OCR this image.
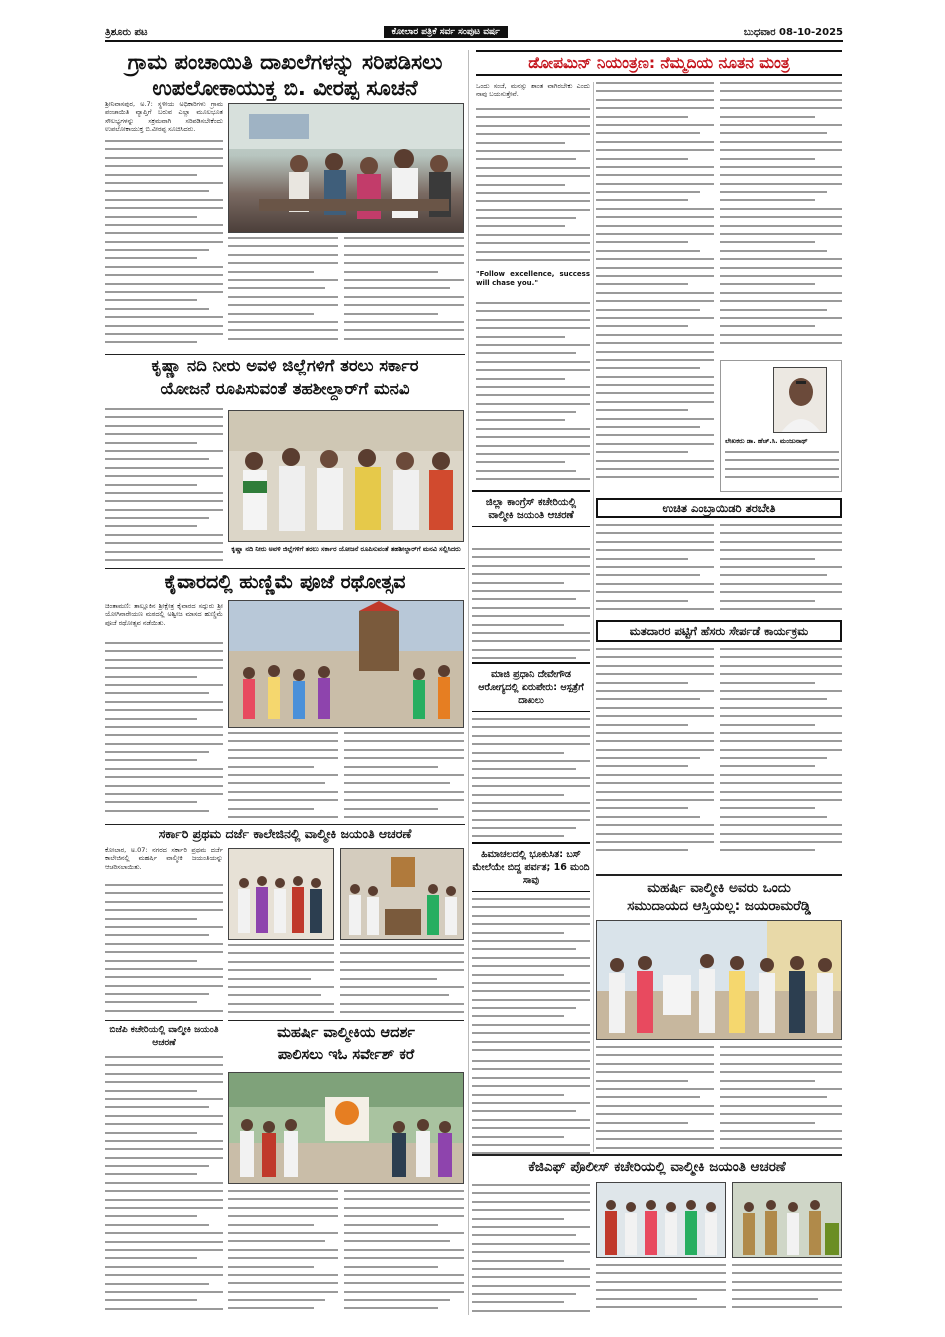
ತ್ರಿಶೂರು ಪಟ	ಕೋಲಾರ ಪತ್ರಿಕೆ ಸರ್ವ ಸಂಪುಟ ವರ್ಷ	ಬುಧವಾರ 08-10-2025
ಗ್ರಾಮ ಪಂಚಾಯಿತಿ ದಾಖಲೆಗಳನ್ನು ಸರಿಪಡಿಸಲು
ಉಪಲೋಕಾಯುಕ್ತ ಬಿ. ವೀರಪ್ಪ ಸೂಚನೆ
ಶ್ರೀನಿವಾಸಪುರ, ಅ.7: ಸ್ಥಳೀಯ ಅಧಿಕಾರಿಗಳು ಗ್ರಾಮ ಪಂಚಾಯಿತಿ ವ್ಯಾಪ್ತಿಗೆ ಬರುವ ಎಲ್ಲಾ ಮೂಲಭೂತ ಸೌಲಭ್ಯಗಳನ್ನು ಸಕ್ರಮವಾಗಿ ಸರಿಪಡಿಸಬೇಕೆಂದು ಉಪಲೋಕಾಯುಕ್ತ ಬಿ.ವೀರಪ್ಪ ಸೂಚಿಸಿದರು.
ಡೋಪಮಿನ್ ನಿಯಂತ್ರಣ: ನೆಮ್ಮದಿಯ ನೂತನ ಮಂತ್ರ
ಒಂದು ಸಂಜೆ, ಮನಸ್ಸು ಶಾಂತ ವಾಗಿರಬೇಕು ಎಂದು ನಾವು ಬಯಸುತ್ತೇವೆ.
"Follow excellence, success will chase you."
ಲೇಖಕರು ಡಾ. ಹೆಚ್.ಸಿ. ಮಂಜುನಾಥ್
ಕೃಷ್ಣಾ ನದಿ ನೀರು ಅವಳಿ ಜಿಲ್ಲೆಗಳಿಗೆ ತರಲು ಸರ್ಕಾರ
ಯೋಜನೆ ರೂಪಿಸುವಂತೆ ತಹಶೀಲ್ದಾರ್‌ಗೆ ಮನವಿ
ಕೃಷ್ಣಾ ನದಿ ನೀರು ಅವಳಿ ಜಿಲ್ಲೆಗಳಿಗೆ ತರಲು ಸರ್ಕಾರ ಯೋಜನೆ ರೂಪಿಸುವಂತೆ ತಹಶೀಲ್ದಾರ್‌ಗೆ ಮನವಿ ಸಲ್ಲಿಸಿದರು
ಕೈವಾರದಲ್ಲಿ ಹುಣ್ಣಿಮೆ ಪೂಜೆ ರಥೋತ್ಸವ
ಚಿಂತಾಮಣಿ: ತಾಲ್ಲೂಕಿನ ಶ್ರೀಕ್ಷೇತ್ರ ಕೈವಾರದ ಸದ್ಗುರು ಶ್ರೀ ಯೋಗಿನಾರೇಯಣ ಮಠದಲ್ಲಿ ಅಶ್ವೀಜ ಮಾಸದ ಹುಣ್ಣಿಮೆ ಪೂಜೆ ರಥೋತ್ಸವ ನಡೆಯಿತು.
ಜಿಲ್ಲಾ ಕಾಂಗ್ರೆಸ್ ಕಚೇರಿಯಲ್ಲಿ ವಾಲ್ಮೀಕಿ ಜಯಂತಿ ಆಚರಣೆ
ಉಚಿತ ಎಂಬ್ರಾಯಿಡರಿ ತರಬೇತಿ
ಮಾಜಿ ಪ್ರಧಾನಿ ದೇವೇಗೌಡ ಆರೋಗ್ಯದಲ್ಲಿ ಏರುಪೇರು: ಆಸ್ಪತ್ರೆಗೆ ದಾಖಲು
ಮತದಾರರ ಪಟ್ಟಿಗೆ ಹೆಸರು ಸೇರ್ಪಡೆ ಕಾರ್ಯಕ್ರಮ
ಸರ್ಕಾರಿ ಪ್ರಥಮ ದರ್ಜೆ ಕಾಲೇಜಿನಲ್ಲಿ ವಾಲ್ಮೀಕಿ ಜಯಂತಿ ಆಚರಣೆ
ಕೋಲಾರ, ಅ.07: ನಗರದ ಸರ್ಕಾರಿ ಪ್ರಥಮ ದರ್ಜೆ ಕಾಲೇಜಿನಲ್ಲಿ ಮಹರ್ಷಿ ವಾಲ್ಮೀಕಿ ಜಯಂತಿಯನ್ನು ಆಚರಿಸಲಾಯಿತು.
ಹಿಮಾಚಲದಲ್ಲಿ ಭೂಕುಸಿತ: ಬಸ್ ಮೇಲೆಯೇ ಬಿದ್ದ ಪರ್ವತ; 16 ಮಂದಿ ಸಾವು	ಮಹರ್ಷಿ ವಾಲ್ಮೀಕಿ ಅವರು ಒಂದು
ಸಮುದಾಯದ ಆಸ್ತಿಯಲ್ಲ: ಜಯರಾಮರೆಡ್ಡಿ
ಬಿಜೆಪಿ ಕಚೇರಿಯಲ್ಲಿ ವಾಲ್ಮೀಕಿ ಜಯಂತಿ ಆಚರಣೆ
ಮಹರ್ಷಿ ವಾಲ್ಮೀಕಿಯ ಆದರ್ಶ
ಪಾಲಿಸಲು ಇಓ ಸರ್ವೇಶ್ ಕರೆ
ಕೆಜಿಎಫ್ ಪೊಲೀಸ್ ಕಚೇರಿಯಲ್ಲಿ ವಾಲ್ಮೀಕಿ ಜಯಂತಿ ಆಚರಣೆ
